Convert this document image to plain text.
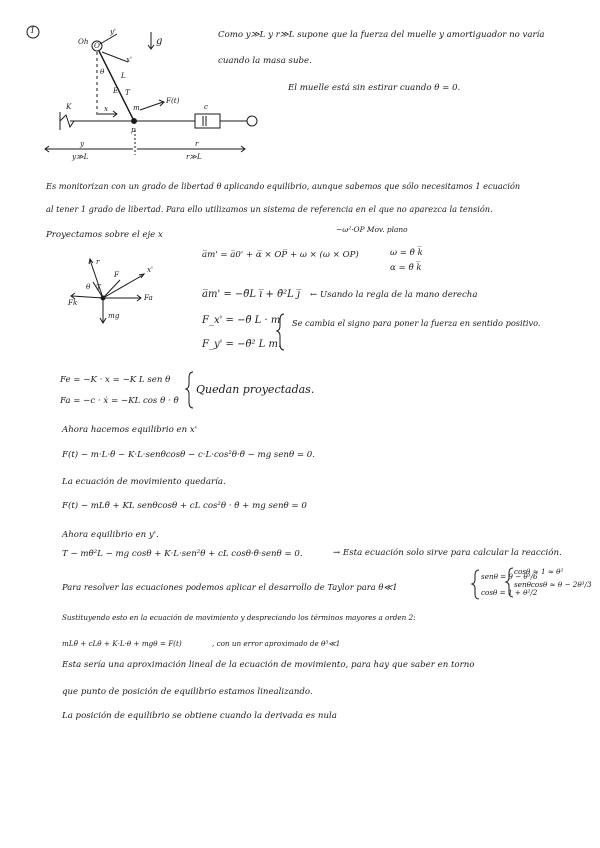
1
Oh O
y'
x'
g
θ L
E T
m
F(t)
c
K	x
p
y	r
y≫L	r≫L
Como y≫L y r≫L supone que la fuerza del muelle y amortiguador no varía
cuando la masa sube.
El muelle está sin estirar cuando θ = 0.
Es monitorizan con un grado de libertad θ aplicando equilibrio, aunque sabemos que sólo necesitamos 1 ecuación
al tener 1 grado de libertad. Para ello utilizamos un sistema de referencia en el que no aparezca la tensión.
Proyectamos sobre el eje x
−ω²·OP Mov. plano
a̅m' = a̅0' + α̅ × OP̅ + ω × (ω × OP)	ω = θ̇ k̅
α = θ̈ k̅
a̅m' = −θ̈L i̅ + θ̇²L j̅ ← Usando la regla de la mano derecha
F_x' = −θ̈ L · m
F_y' = −θ̇² L m.
Se cambia el signo para poner la fuerza en sentido positivo.
r
x'
θ
F
T
Fk
Fa
mg
Fe = −K · x = −K L sen θ
Fa = −c · ẋ = −KL cos θ · θ̇
Quedan proyectadas.
Ahora hacemos equilibrio en x'
F(t) − m·L·θ̈ − K·L·senθcosθ − c·L·cos²θ·θ̇ − mg senθ = 0.
La ecuación de movimiento quedaría.
F(t) − mLθ̈ + KL senθcosθ + cL cos²θ · θ̇ + mg senθ = 0
Ahora equilibrio en y'.
T − mθ̇²L − mg cosθ + K·L·sen²θ + cL cosθ·θ̇·senθ = 0.	→ Esta ecuación solo sirve para calcular la reacción.
Para resolver las ecuaciones podemos aplicar el desarrollo de Taylor para θ≪1
senθ = θ − θ³/6
cosθ = 1 + θ²/2
cosθ ≈ 1 ≈ θ²
senθcosθ ≈ θ − 2θ³/3
Sustituyendo esto en la ecuación de movimiento y despreciando los términos mayores a orden 2:
mLθ̈ + cLθ̇ + K·L·θ + mgθ = F(t)	, con un error aproximado de θ³≪1
Esta sería una aproximación lineal de la ecuación de movimiento, para hay que saber en torno
que punto de posición de equilibrio estamos linealizando.
La posición de equilibrio se obtiene cuando la derivada es nula
